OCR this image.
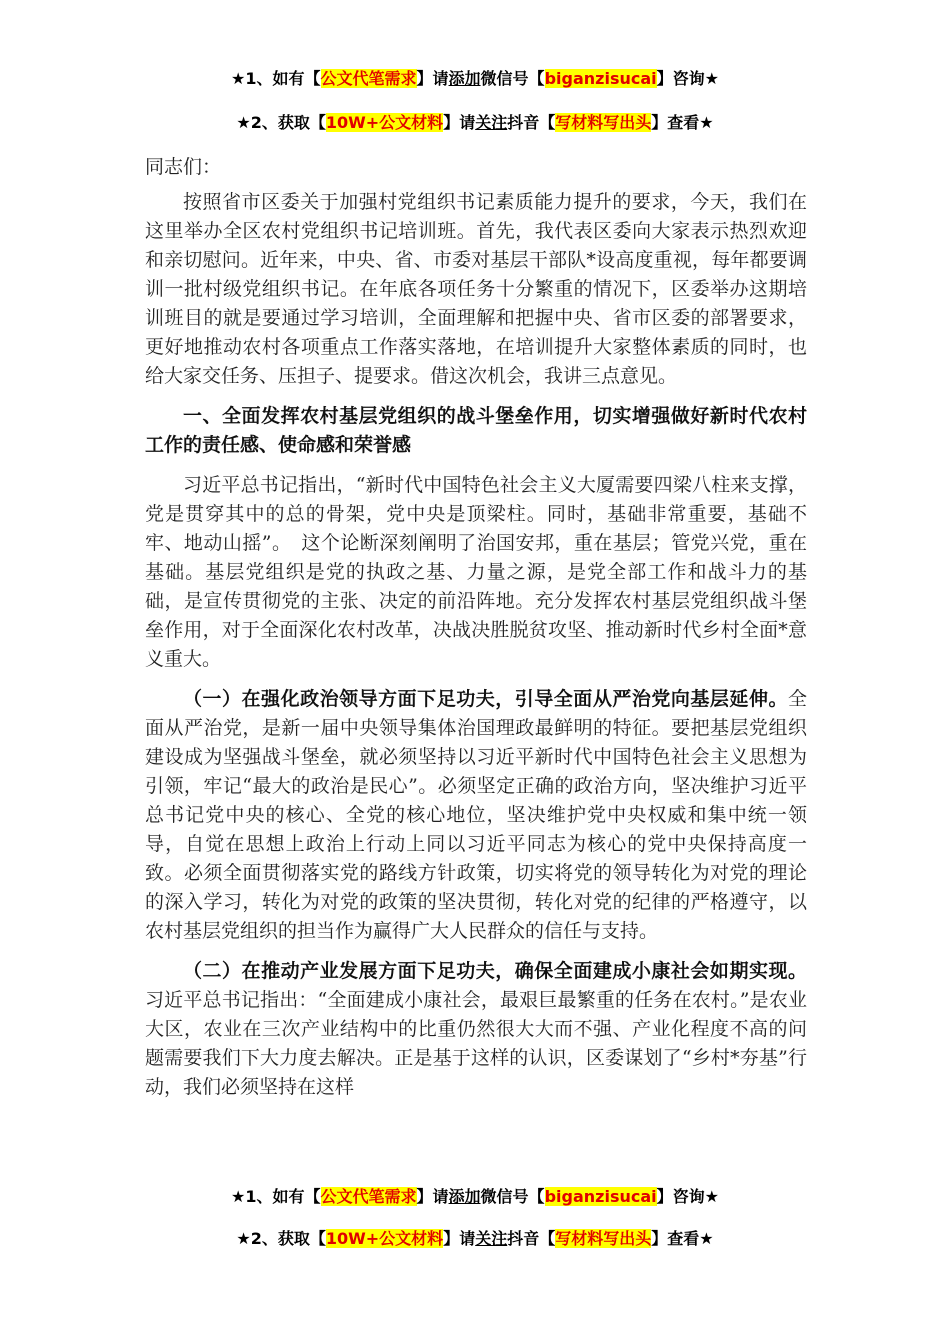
★1、如有【公文代笔需求】请添加微信号【biganzisucai】咨询★
★2、获取【10W+公文材料】请关注抖音【写材料写出头】查看★

同志们：

按照省市区委关于加强村党组织书记素质能力提升的要求，今天，我们在这里举办全区农村党组织书记培训班。首先，我代表区委向大家表示热烈欢迎和亲切慰问。近年来，中央、省、市委对基层干部队*设高度重视，每年都要调训一批村级党组织书记。在年底各项任务十分繁重的情况下，区委举办这期培训班目的就是要通过学习培训，全面理解和把握中央、省市区委的部署要求，更好地推动农村各项重点工作落实落地，在培训提升大家整体素质的同时，也给大家交任务、压担子、提要求。借这次机会，我讲三点意见。

一、全面发挥农村基层党组织的战斗堡垒作用，切实增强做好新时代农村工作的责任感、使命感和荣誉感

习近平总书记指出，“新时代中国特色社会主义大厦需要四梁八柱来支撑，党是贯穿其中的总的骨架，党中央是顶梁柱。同时，基础非常重要，基础不牢、地动山摇”。　这个论断深刻阐明了治国安邦，重在基层；管党兴党，重在基础。基层党组织是党的执政之基、力量之源，是党全部工作和战斗力的基础，是宣传贯彻党的主张、决定的前沿阵地。充分发挥农村基层党组织战斗堡垒作用，对于全面深化农村改革，决战决胜脱贫攻坚、推动新时代乡村全面*意义重大。

（一）在强化政治领导方面下足功夫，引导全面从严治党向基层延伸。全面从严治党，是新一届中央领导集体治国理政最鲜明的特征。要把基层党组织建设成为坚强战斗堡垒，就必须坚持以习近平新时代中国特色社会主义思想为引领，牢记“最大的政治是民心”。必须坚定正确的政治方向，坚决维护习近平总书记党中央的核心、全党的核心地位，坚决维护党中央权威和集中统一领导，自觉在思想上政治上行动上同以习近平同志为核心的党中央保持高度一致。必须全面贯彻落实党的路线方针政策，切实将党的领导转化为对党的理论的深入学习，转化为对党的政策的坚决贯彻，转化对党的纪律的严格遵守，以农村基层党组织的担当作为赢得广大人民群众的信任与支持。

（二）在推动产业发展方面下足功夫，确保全面建成小康社会如期实现。习近平总书记指出：“全面建成小康社会，最艰巨最繁重的任务在农村。”是农业大区，农业在三次产业结构中的比重仍然很大大而不强、产业化程度不高的问题需要我们下大力度去解决。正是基于这样的认识，区委谋划了“乡村*夯基”行动，我们必须坚持在这样

★1、如有【公文代笔需求】请添加微信号【biganzisucai】咨询★
★2、获取【10W+公文材料】请关注抖音【写材料写出头】查看★
